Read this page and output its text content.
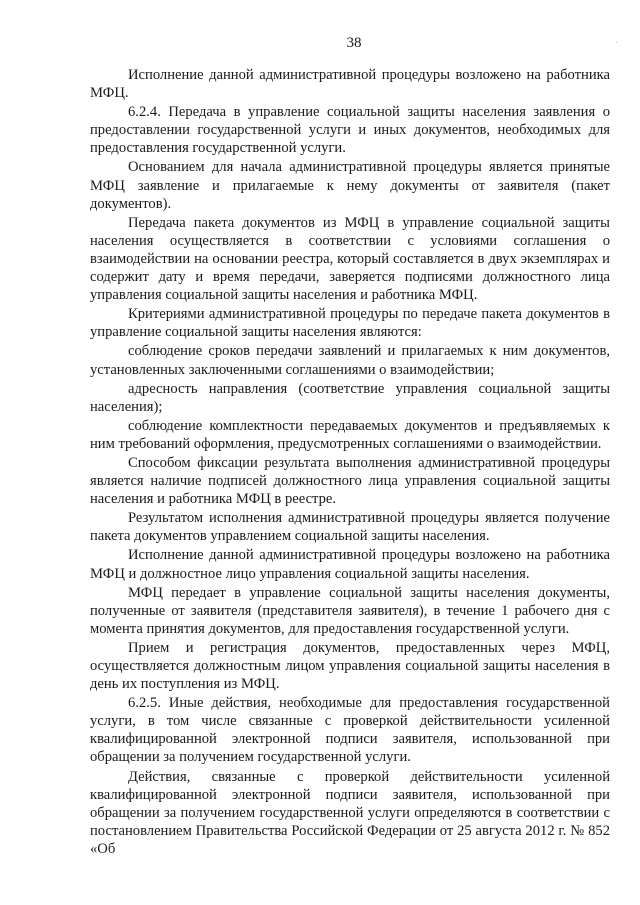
·
38

Исполнение данной административной процедуры возложено на работника МФЦ.

6.2.4. Передача в управление социальной защиты населения заявления о предоставлении государственной услуги и иных документов, необходимых для предоставления государственной услуги.

Основанием для начала административной процедуры является принятые МФЦ заявление и прилагаемые к нему документы от заявителя (пакет документов).

Передача пакета документов из МФЦ в управление социальной защиты населения осуществляется в соответствии с условиями соглашения о взаимодействии на основании реестра, который составляется в двух экземплярах и содержит дату и время передачи, заверяется подписями должностного лица управления социальной защиты населения и работника МФЦ.

Критериями административной процедуры по передаче пакета документов в управление социальной защиты населения являются:

соблюдение сроков передачи заявлений и прилагаемых к ним документов, установленных заключенными соглашениями о взаимодействии;

адресность направления (соответствие управления социальной защиты населения);

соблюдение комплектности передаваемых документов и предъявляемых к ним требований оформления, предусмотренных соглашениями о взаимодействии.

Способом фиксации результата выполнения административной процедуры является наличие подписей должностного лица управления социальной защиты населения и работника МФЦ в реестре.

Результатом исполнения административной процедуры является получение пакета документов управлением социальной защиты населения.

Исполнение данной административной процедуры возложено на работника МФЦ и должностное лицо управления социальной защиты населения.

МФЦ передает в управление социальной защиты населения документы, полученные от заявителя (представителя заявителя), в течение 1 рабочего дня с момента принятия документов, для предоставления государственной услуги.

Прием и регистрация документов, предоставленных через МФЦ, осуществляется должностным лицом управления социальной защиты населения в день их поступления из МФЦ.

6.2.5. Иные действия, необходимые для предоставления государственной услуги, в том числе связанные с проверкой действительности усиленной квалифицированной электронной подписи заявителя, использованной при обращении за получением государственной услуги.

Действия, связанные с проверкой действительности усиленной квалифицированной электронной подписи заявителя, использованной при обращении за получением государственной услуги определяются в соответствии с постановлением Правительства Российской Федерации от 25 августа 2012 г. № 852 «Об
